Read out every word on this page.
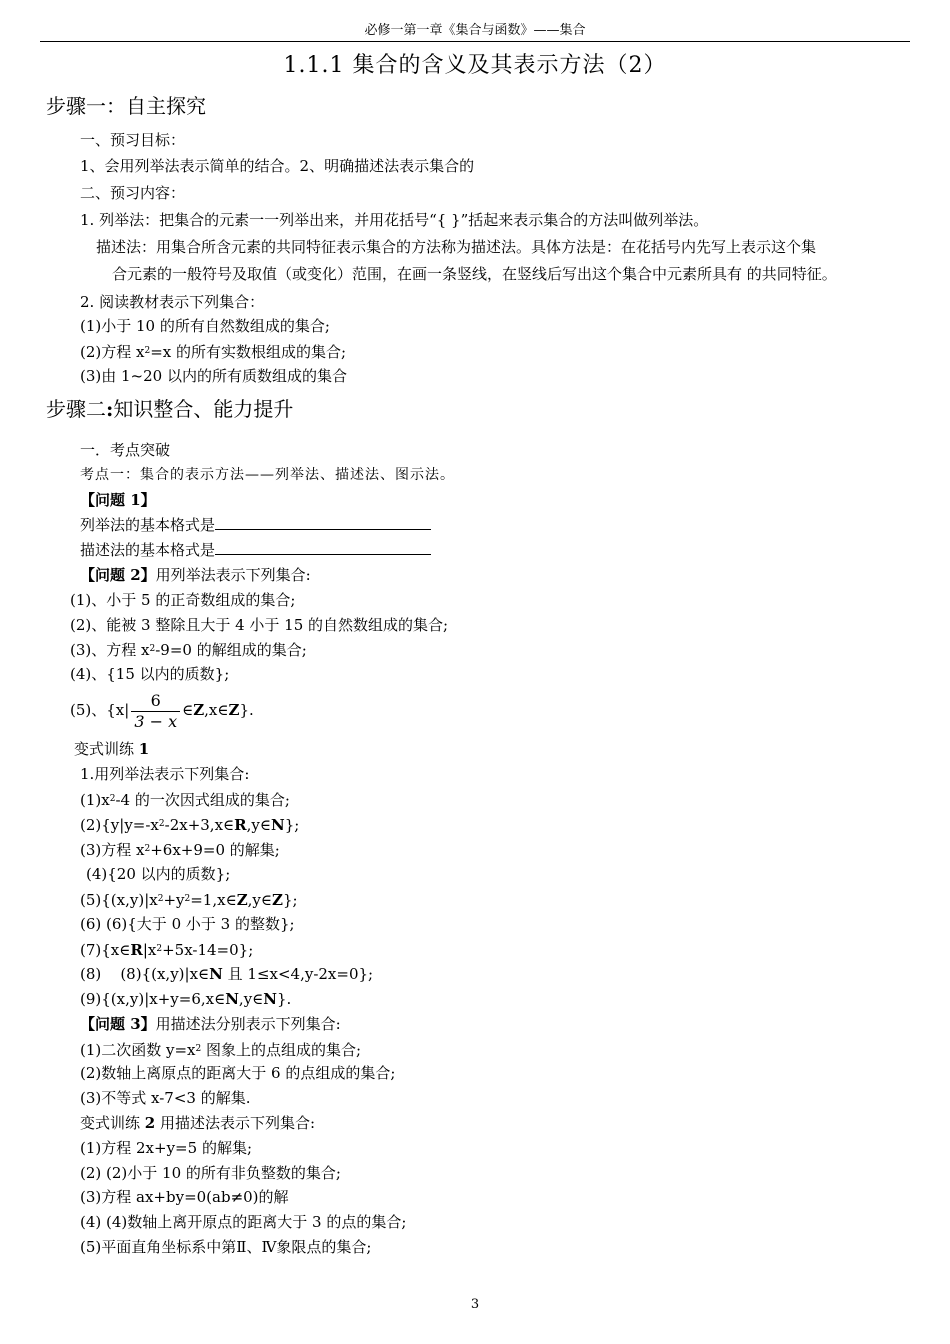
必修一第一章《集合与函数》——集合
1.1.1 集合的含义及其表示方法（2）
步骤一：自主探究
一、预习目标：
1、会用列举法表示简单的结合。2、明确描述法表示集合的
二、预习内容：
1. 列举法：把集合的元素一一列举出来，并用花括号“{ }”括起来表示集合的方法叫做列举法。
描述法：用集合所含元素的共同特征表示集合的方法称为描述法。具体方法是：在花括号内先写上表示这个集
合元素的一般符号及取值（或变化）范围，在画一条竖线，在竖线后写出这个集合中元素所具有 的共同特征。
2. 阅读教材表示下列集合：
(1)小于 10 的所有自然数组成的集合;
(2)方程 $x^2=x$ 的所有实数根组成的集合;
(3)由 1~20 以内的所有质数组成的集合
步骤二:知识整合、能力提升
一．考点突破
考点一：集合的表示方法——列举法、描述法、图示法。
【问题 1】
列举法的基本格式是
描述法的基本格式是
【问题 2】用列举法表示下列集合:
(1)、小于 5 的正奇数组成的集合;
(2)、能被 3 整除且大于 4 小于 15 的自然数组成的集合;
(3)、方程 $x^2-9=0$ 的解组成的集合;
(4)、{15 以内的质数};
(5)、{$x| \frac{6}{3 - x}$ ∈Z,x∈Z}.
变式训练 1
1.用列举法表示下列集合:
$(1)x^2-4$ 的一次因式组成的集合;
$(2)\{y|y=-x^2-2x+3,x\in R,y\in N\}$;
(3)方程 $x^2+6x+9=0$ 的解集;
(4){20 以内的质数};
$(5)\{(x,y)|x^2+y^2=1,x\in Z,y\in Z\}$;
(6) (6){大于 0 小于 3 的整数};
$(7)\{x\in R|x^2+5x-14=0\}$;
(8)    (8){(x,y)|x∈N 且 1≤x<4,y-2x=0};
(9){(x,y)|x+y=6,x∈N,y∈N}.
【问题 3】用描述法分别表示下列集合:
(1)二次函数 $y=x^2$ 图象上的点组成的集合;
(2)数轴上离原点的距离大于 6 的点组成的集合;
(3)不等式 x-7<3 的解集.
变式训练 2 用描述法表示下列集合:
(1)方程 2x+y=5 的解集;
(2) (2)小于 10 的所有非负整数的集合;
(3)方程 ax+by=0(ab≠0)的解
(4) (4)数轴上离开原点的距离大于 3 的点的集合;
(5)平面直角坐标系中第Ⅱ、Ⅳ象限点的集合;
3
